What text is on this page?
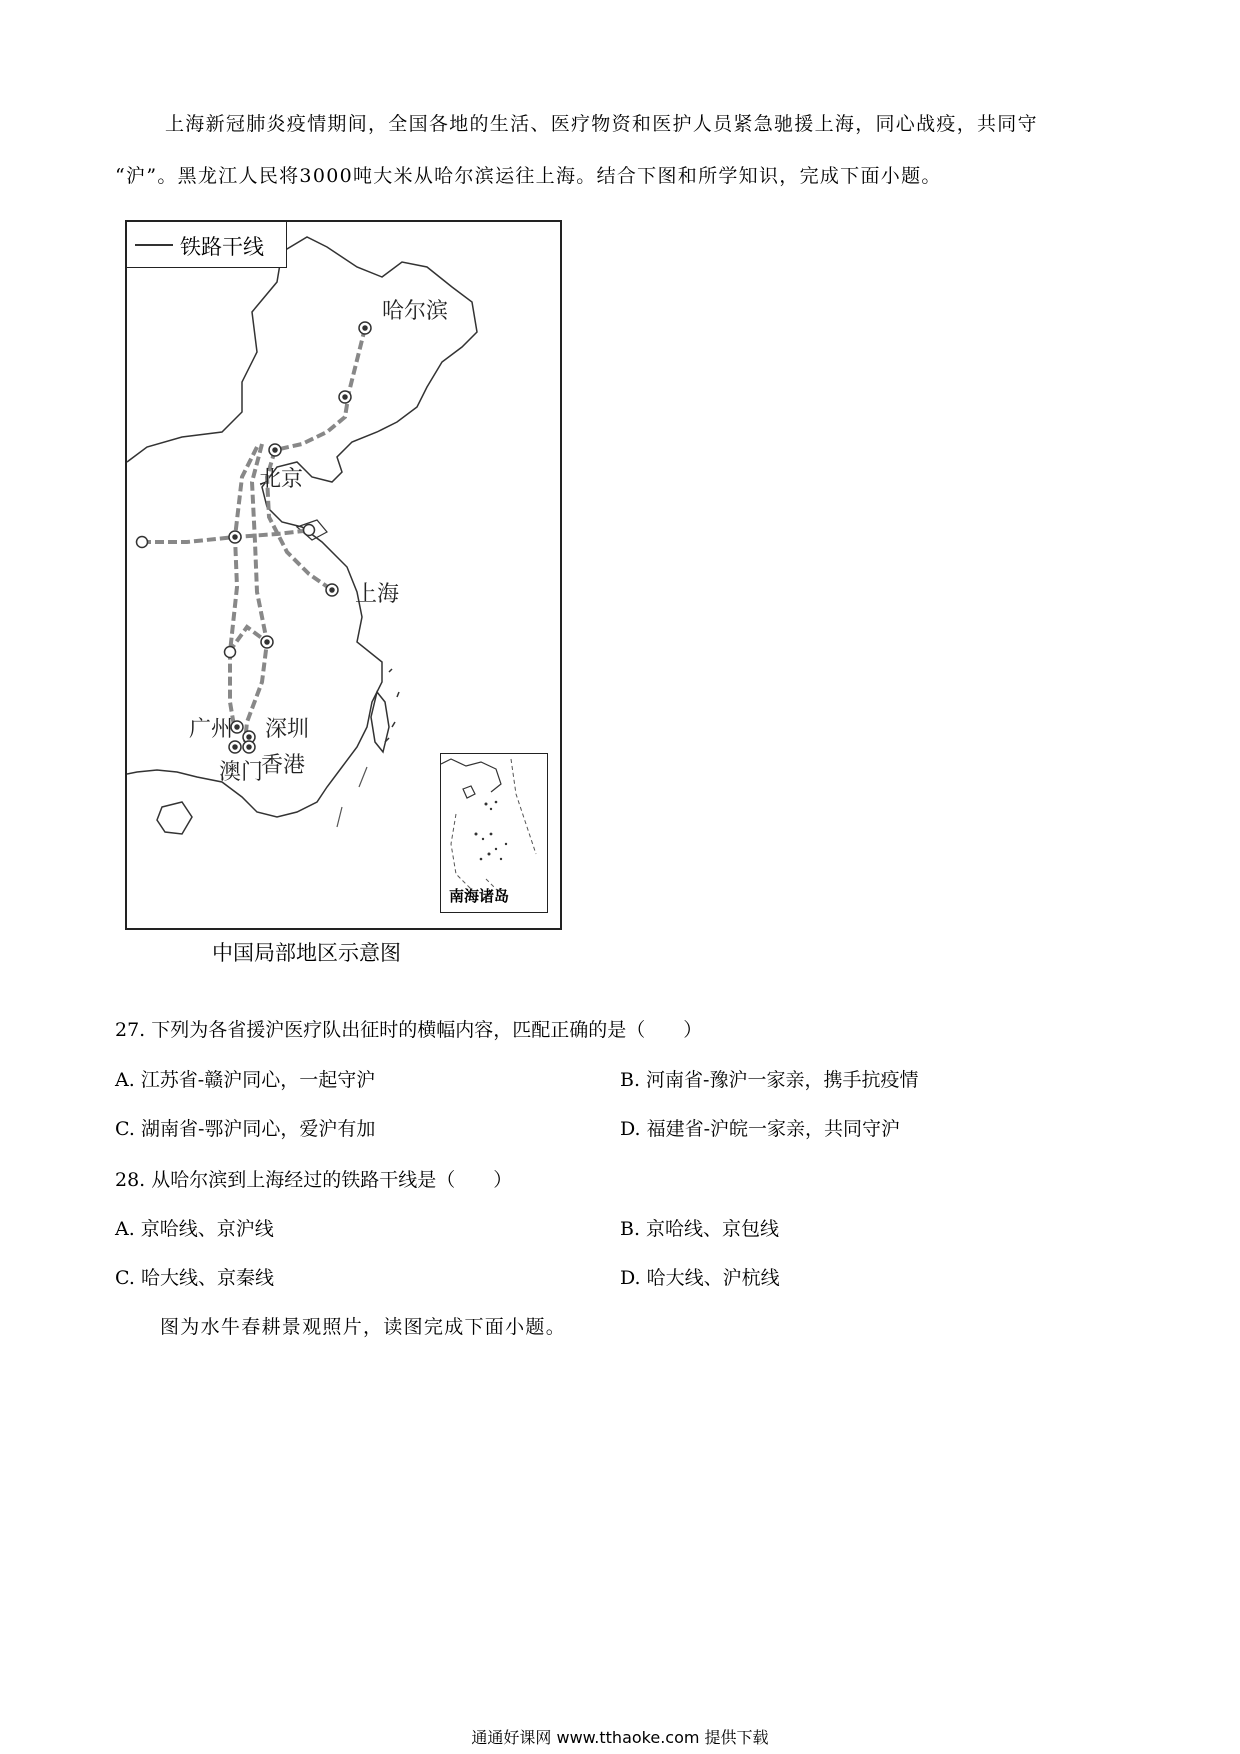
上海新冠肺炎疫情期间，全国各地的生活、医疗物资和医护人员紧急驰援上海，同心战疫，共同守

“沪”。黑龙江人民将3000吨大米从哈尔滨运往上海。结合下图和所学知识，完成下面小题。

铁路干线
哈尔滨
北京
上海
广州 深圳
澳门
香港
南海诸岛
中国局部地区示意图
27. 下列为各省援沪医疗队出征时的横幅内容，匹配正确的是（　　）
A. 江苏省-赣沪同心，一起守沪	B. 河南省-豫沪一家亲，携手抗疫情
C. 湖南省-鄂沪同心，爱沪有加	D. 福建省-沪皖一家亲，共同守沪
28. 从哈尔滨到上海经过的铁路干线是（　　）
A. 京哈线、京沪线	B. 京哈线、京包线
C. 哈大线、京秦线	D. 哈大线、沪杭线
图为水牛春耕景观照片，读图完成下面小题。
通通好课网 www.tthaoke.com 提供下载
